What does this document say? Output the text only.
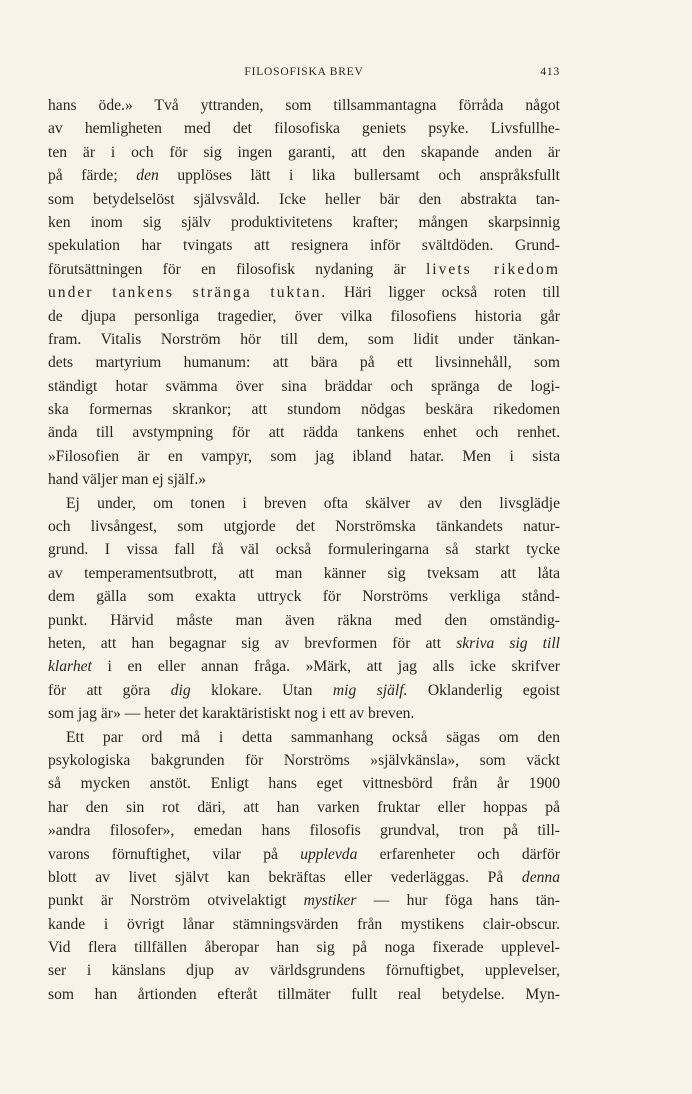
FILOSOFISKA BREV	413
hans öde.» Två yttranden, som tillsammantagna förråda något
av hemligheten med det filosofiska geniets psyke. Livsfullhe-
ten är i och för sig ingen garanti, att den skapande anden är
på färde; den upplöses lätt i lika bullersamt och anspråksfullt
som betydelselöst självsvåld. Icke heller bär den abstrakta tan-
ken inom sig själv produktivitetens krafter; mången skarpsinnig
spekulation har tvingats att resignera inför svältdöden. Grund-
förutsättningen för en filosofisk nydaning är livets rikedom
under tankens stränga tuktan. Häri ligger också roten till
de djupa personliga tragedier, över vilka filosofiens historia går
fram. Vitalis Norström hör till dem, som lidit under tänkan-
dets martyrium humanum: att bära på ett livsinnehåll, som
ständigt hotar svämma över sina bräddar och spränga de logi-
ska formernas skrankor; att stundom nödgas beskära rikedomen
ända till avstympning för att rädda tankens enhet och renhet.
»Filosofien är en vampyr, som jag ibland hatar. Men i sista
hand väljer man ej själf.»
Ej under, om tonen i breven ofta skälver av den livsglädje
och livsångest, som utgjorde det Norströmska tänkandets natur-
grund. I vissa fall få väl också formuleringarna så starkt tycke
av temperamentsutbrott, att man känner sig tveksam att låta
dem gälla som exakta uttryck för Norströms verkliga stånd-
punkt. Härvid måste man även räkna med den omständig-
heten, att han begagnar sig av brevformen för att skriva sig till
klarhet i en eller annan fråga. »Märk, att jag alls icke skrifver
för att göra dig klokare. Utan mig själf. Oklanderlig egoist
som jag är» — heter det karaktäristiskt nog i ett av breven.
Ett par ord må i detta sammanhang också sägas om den
psykologiska bakgrunden för Norströms »självkänsla», som väckt
så mycken anstöt. Enligt hans eget vittnesbörd från år 1900
har den sin rot däri, att han varken fruktar eller hoppas på
»andra filosofer», emedan hans filosofis grundval, tron på till-
varons förnuftighet, vilar på upplevda erfarenheter och därför
blott av livet självt kan bekräftas eller vederläggas. På denna
punkt är Norström otvivelaktigt mystiker — hur föga hans tän-
kande i övrigt lånar stämningsvärden från mystikens clair-obscur.
Vid flera tillfällen åberopar han sig på noga fixerade upplevel-
ser i känslans djup av världsgrundens förnuftigbet, upplevelser,
som han årtionden efteråt tillmäter fullt real betydelse. Myn-
